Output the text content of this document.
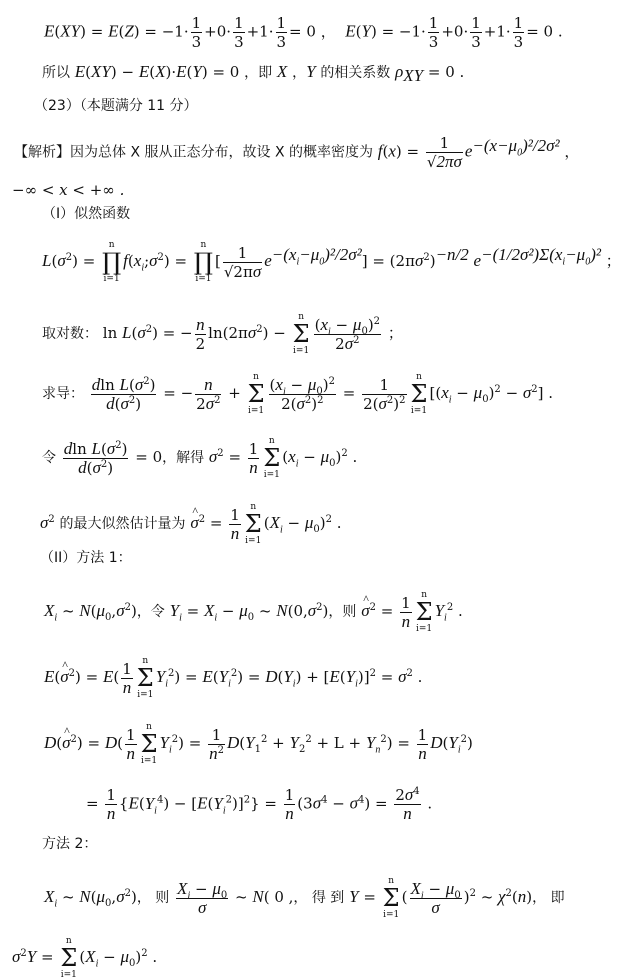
$E(XY) = E(Z) = -1\cdot \frac{1}{3} +0\cdot \frac{1}{3} +1\cdot \frac{1}{3} = 0$ ，  $E(Y) = -1\cdot \frac{1}{3} +0\cdot \frac{1}{3} +1\cdot \frac{1}{3} = 0$ .
所以 E(XY) − E(X)·E(Y) = 0 ，即 X ，Y 的相关系数 $\rho_{XY} = 0$ .
（23）（本题满分 11 分）
【解析】因为总体 X 服从正态分布，故设 X 的概率密度为 $f(x) = \frac{1}{√2\pi\sigma} e^{-(x-\mu_0)^2/2\sigma^2}$ ，
−∞ < x < +∞ .
（I）似然函数
$L(\sigma^2)$ =
n
∏
i=1
$f(x_i;\sigma^2)$ =
n
∏
i=1
[ $\frac{1}{√2\pi\sigma} e^{-(x_i-\mu_0)^2/2\sigma^2}] = (2\pi\sigma^2)^{-n/2}$ $e^{-(1/2\sigma^2)\Sigma(x_i-\mu_0)^2}$ ；
取对数： $\ln L(\sigma^2)$ = − $\frac{n}{2} \ln(2\pi\sigma^2)$ −
n
Σ
$i=1 \frac{(x_i - \mu_0)^2}{2\sigma^2}$ ；
求导： $\frac{dln L(\sigma^2)}{d(\sigma^2)}$ = − $\frac{n}{2\sigma^2}$ +
n
Σ
$i=1 \frac{(x_i - \mu_0)^2}{2(\sigma^2)^2} = \frac{1}{2(\sigma^2)^2}$	n
Σ
i=1
$[(x_i - \mu_0)^2 - \sigma^2]$ .
令 $\frac{dln L(\sigma^2)}{d(\sigma^2)} = 0$，解得 $\sigma^2 = \frac{1}{n}$	n
Σ
i=1
$(x_i - \mu_0)^2$ .
$\sigma^2$ 的最大似然估计量为 ^ $\sigma^2 = \frac{1}{n}$	n
Σ
i=1
$(X_i - \mu_0)^2$ .
（II）方法 1：
$X_i$ ~ $N(\mu_0,\sigma^2)$，令 $Y_i = X_i - \mu_0$ ~ $N(0,\sigma^2)$，则 ^ $\sigma^2 = \frac{1}{n}$	n
Σ
i=1
$Y_i^2$ .
E(^ $\sigma^2) = E( \frac{1}{n}$	n
Σ
i=1
$Y_i^2) = E(Y_i^2) = D(Y_i) + [E(Y_i)]^2 = \sigma^2$ .
D(^ $\sigma^2) = D( \frac{1}{n}$	n
Σ
i=1
$Y_i^2) = \frac{1}{n^2} D(Y_1^2 + Y_2^2 + L + Y_n^2) = \frac{1}{n} D(Y_i^2)$
= $\frac{1}{n} \{E(Y_i^4) - [E(Y_i^2)]^2\} = \frac{1}{n} (3\sigma^4 - \sigma^4) = \frac{2\sigma^4}{n}$ .
方法 2：
$X_i$ ~ $N(\mu_0,\sigma^2)$， 则 $\frac{X_i - \mu_0}{\sigma}$ ~ N( 0 ,， 得 到 Y =
n
Σ
i=1
( $\frac{X_i - \mu_0}{\sigma} )^2$ ~ $\chi^2(n)$， 即
$\sigma^2Y$ =
n
Σ
i=1
$(X_i - \mu_0)^2$ .
